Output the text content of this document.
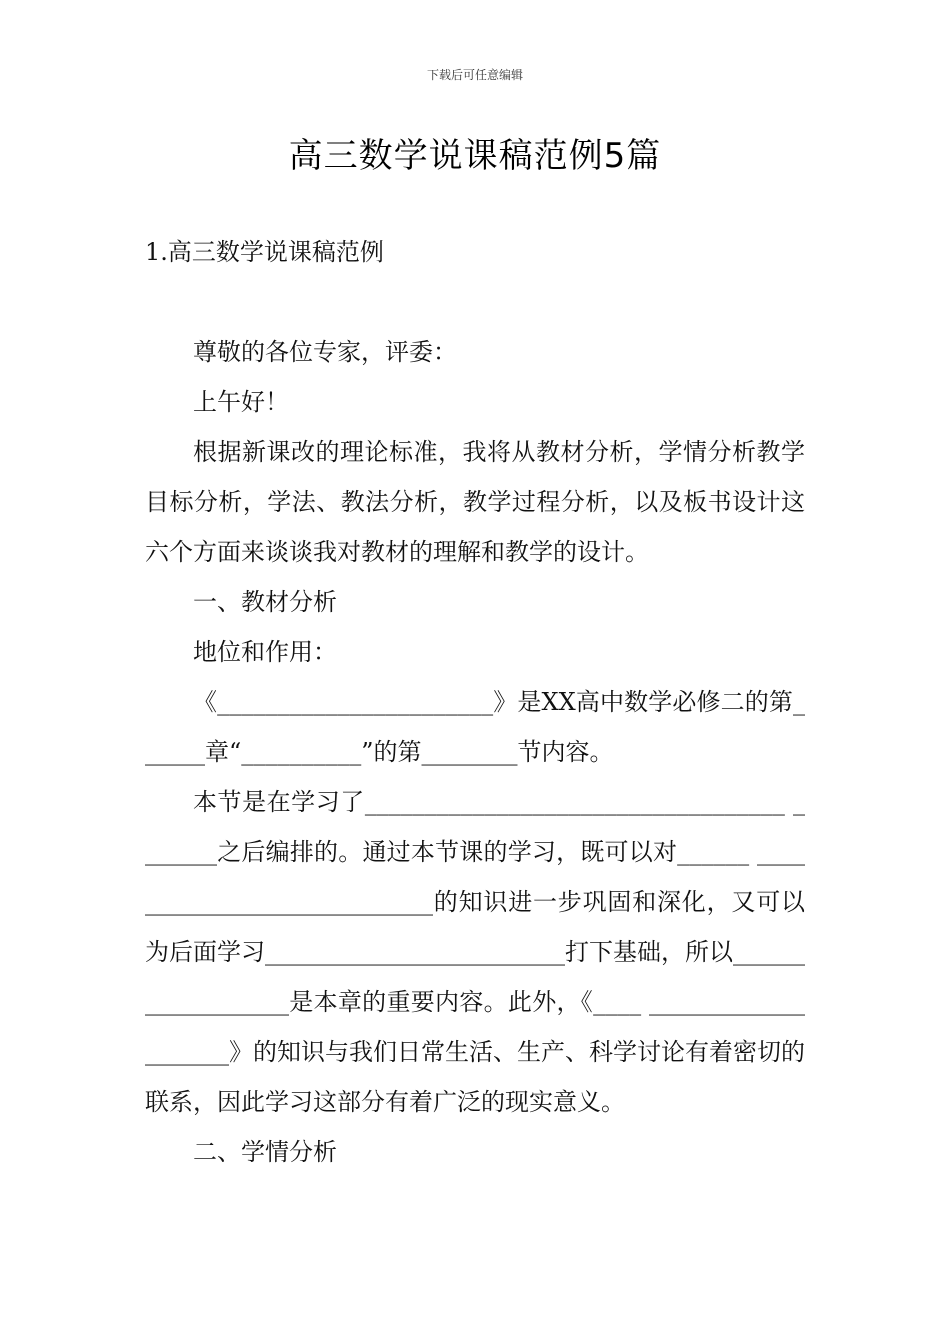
下载后可任意编辑
高三数学说课稿范例5篇
1.高三数学说课稿范例

尊敬的各位专家，评委：

上午好！

根据新课改的理论标准，我将从教材分析，学情分析教学目标分析，学法、教法分析，教学过程分析，以及板书设计这六个方面来谈谈我对教材的理解和教学的设计。

一、教材分析

地位和作用：

《_______________________》是XX高中数学必修二的第______章“__________”的第________节内容。

本节是在学习了___________________________________ _______之后编排的。通过本节课的学习，既可以对______ ____________________________的知识进一步巩固和深化，又可以为后面学习_________________________打下基础，所以__________________是本章的重要内容。此外，《____ ____________________》的知识与我们日常生活、生产、科学讨论有着密切的联系，因此学习这部分有着广泛的现实意义。

二、学情分析
